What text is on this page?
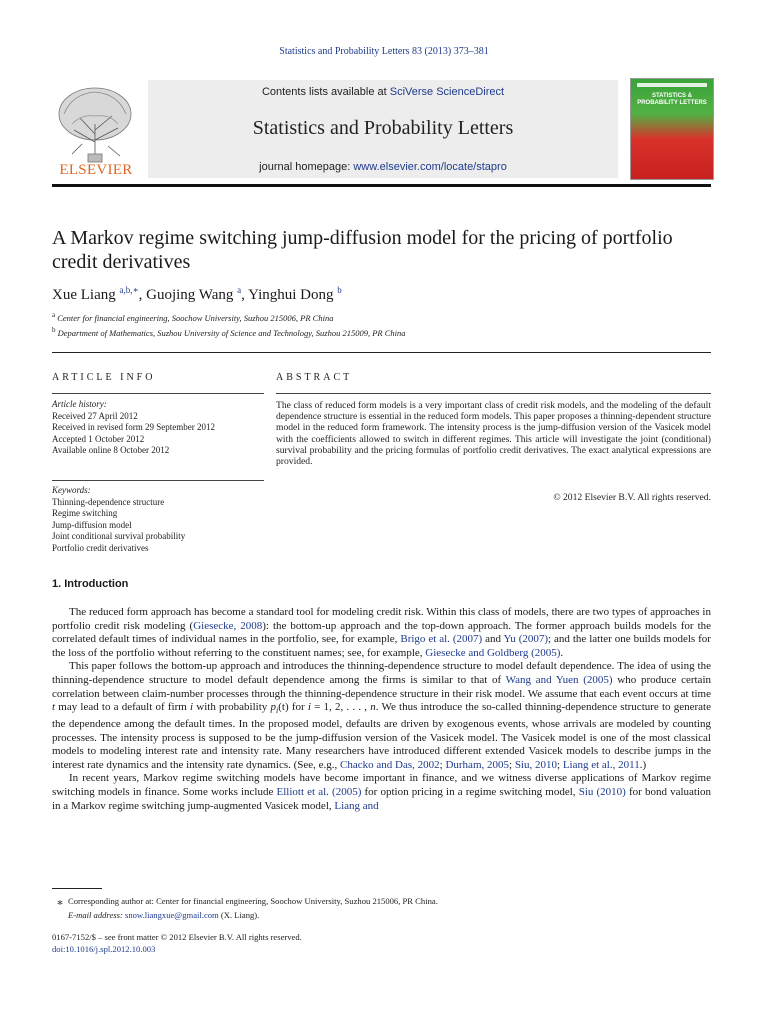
Statistics and Probability Letters 83 (2013) 373–381
ELSEVIER
Contents lists available at SciVerse ScienceDirect
Statistics and Probability Letters
journal homepage: www.elsevier.com/locate/stapro
STATISTICS & PROBABILITY LETTERS
A Markov regime switching jump-diffusion model for the pricing of portfolio credit derivatives
Xue Liang $^{a,b,∗}$, Guojing Wang $^a$, Yinghui Dong $^b$
$^a$ Center for financial engineering, Soochow University, Suzhou 215006, PR China
$^b$ Department of Mathematics, Suzhou University of Science and Technology, Suzhou 215009, PR China
ARTICLE INFO
Article history:
Received 27 April 2012
Received in revised form 29 September 2012
Accepted 1 October 2012
Available online 8 October 2012
Keywords:
Thinning-dependence structure
Regime switching
Jump-diffusion model
Joint conditional survival probability
Portfolio credit derivatives
ABSTRACT
The class of reduced form models is a very important class of credit risk models, and the modeling of the default dependence structure is essential in the reduced form models. This paper proposes a thinning-dependent structure model in the reduced form framework. The intensity process is the jump-diffusion version of the Vasicek model with the coefficients allowed to switch in different regimes. This article will investigate the joint (conditional) survival probability and the pricing formulas of portfolio credit derivatives. The exact analytical expressions are provided.
© 2012 Elsevier B.V. All rights reserved.
1. Introduction

The reduced form approach has become a standard tool for modeling credit risk. Within this class of models, there are two types of approaches in portfolio credit risk modeling (Giesecke, 2008): the bottom-up approach and the top-down approach. The former approach builds models for the correlated default times of individual names in the portfolio, see, for example, Brigo et al. (2007) and Yu (2007); and the latter one builds models for the loss of the portfolio without referring to the constituent names; see, for example, Giesecke and Goldberg (2005).

This paper follows the bottom-up approach and introduces the thinning-dependence structure to model default dependence. The idea of using the thinning-dependence structure to model default dependence among the firms is similar to that of Wang and Yuen (2005) who produce certain correlation between claim-number processes through the thinning-dependence structure in their risk model. We assume that each event occurs at time t may lead to a default of firm i with probability $p_i(t)$ for i = 1, 2, . . . , n. We thus introduce the so-called thinning-dependence structure to generate the dependence among the default times. In the proposed model, defaults are driven by exogenous events, whose arrivals are modeled by counting processes. The intensity process is supposed to be the jump-diffusion version of the Vasicek model. The Vasicek model is one of the most classical models to modeling interest rate and intensity rate. Many researchers have introduced different extended Vasicek models to describe jumps in the interest rate dynamics and the intensity rate dynamics. (See, e.g., Chacko and Das, 2002; Durham, 2005; Siu, 2010; Liang et al., 2011.)

In recent years, Markov regime switching models have become important in finance, and we witness diverse applications of Markov regime switching models in finance. Some works include Elliott et al. (2005) for option pricing in a regime switching model, Siu (2010) for bond valuation in a Markov regime switching jump-augmented Vasicek model, Liang and

∗ Corresponding author at: Center for financial engineering, Soochow University, Suzhou 215006, PR China.
E-mail address: snow.liangxue@gmail.com (X. Liang).
0167-7152/$ – see front matter © 2012 Elsevier B.V. All rights reserved.
doi:10.1016/j.spl.2012.10.003
